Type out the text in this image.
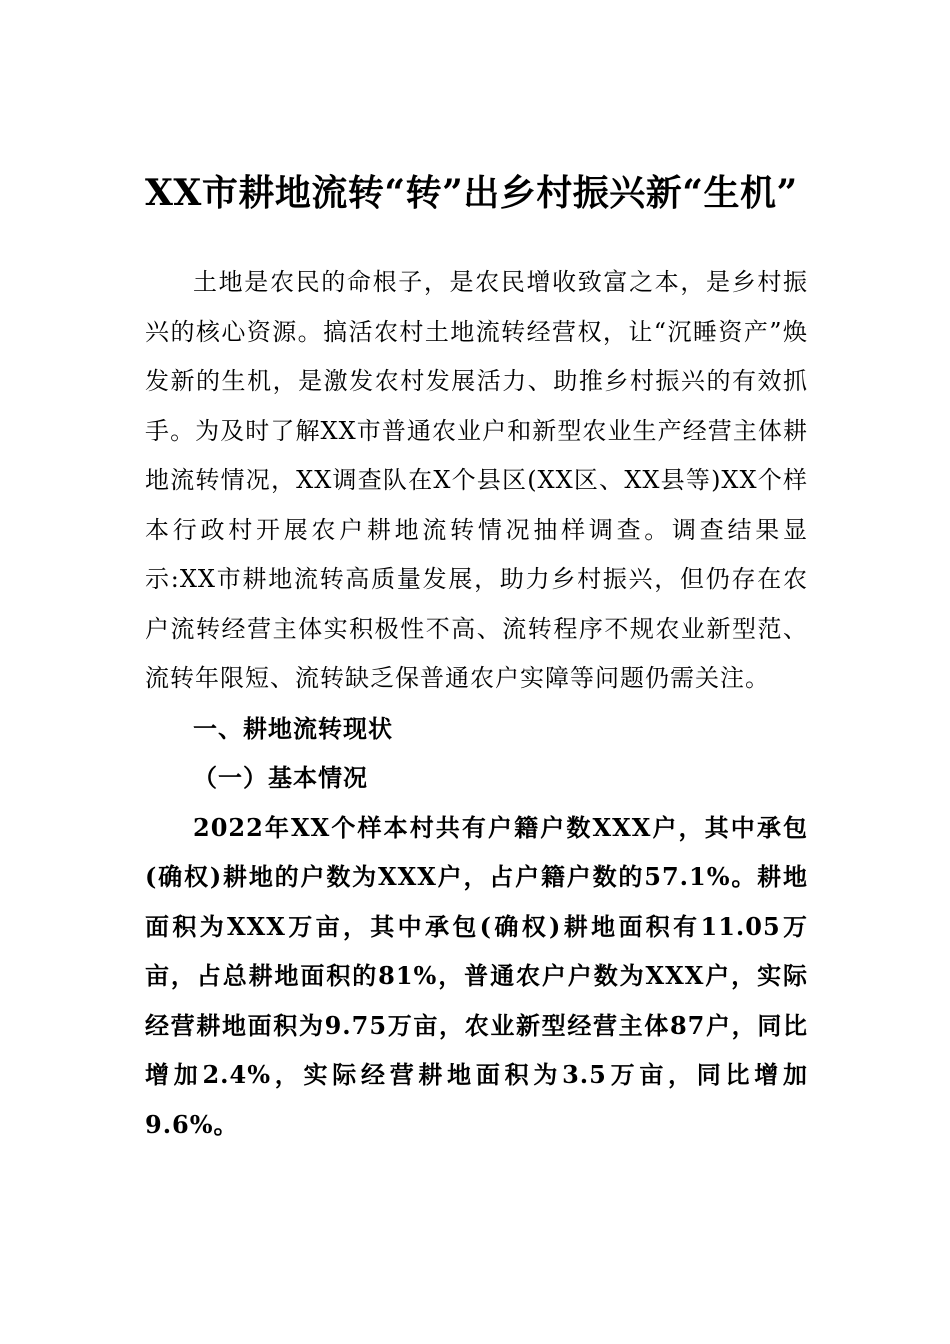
XX市耕地流转“转”出乡村振兴新“生机”

土地是农民的命根子，是农民增收致富之本，是乡村振兴的核心资源。搞活农村土地流转经营权，让“沉睡资产”焕发新的生机，是激发农村发展活力、助推乡村振兴的有效抓手。为及时了解XX市普通农业户和新型农业生产经营主体耕地流转情况，XX调查队在X个县区(XX区、XX县等)XX个样本行政村开展农户耕地流转情况抽样调查。调查结果显示:XX市耕地流转高质量发展，助力乡村振兴，但仍存在农户流转经营主体实积极性不高、流转程序不规农业新型范、流转年限短、流转缺乏保普通农户实障等问题仍需关注。

一、耕地流转现状
（一）基本情况

2022年XX个样本村共有户籍户数XXX户，其中承包(确权)耕地的户数为XXX户，占户籍户数的57.1%。耕地面积为XXX万亩，其中承包(确权)耕地面积有11.05万亩，占总耕地面积的81%，普通农户户数为XXX户，实际经营耕地面积为9.75万亩，农业新型经营主体87户，同比增加2.4%，实际经营耕地面积为3.5万亩，同比增加9.6%。
